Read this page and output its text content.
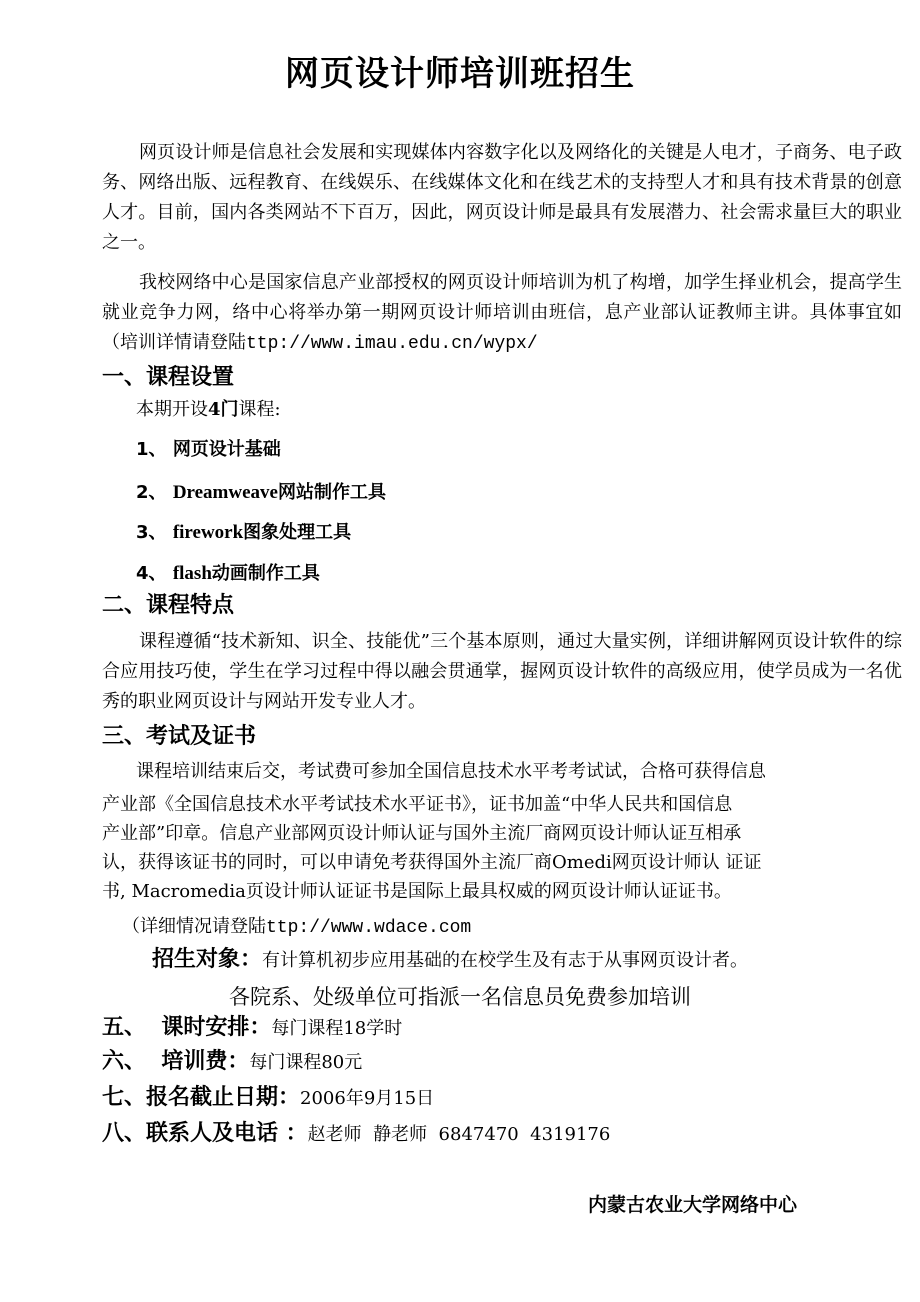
网页设计师培训班招生
网页设计师是信息社会发展和实现媒体内容数字化以及网络化的关键是人电才，子商务、电子政务、网络出版、远程教育、在线娱乐、在线媒体文化和在线艺术的支持型人才和具有技术背景的创意人才。目前，国内各类网站不下百万，因此，网页设计师是最具有发展潜力、社会需求量巨大的职业之一。
我校网络中心是国家信息产业部授权的网页设计师培训为机了构增，加学生择业机会，提高学生就业竞争力网，络中心将举办第一期网页设计师培训由班信，息产业部认证教师主讲。具体事宜如（培训详情请登陆ttp://www.imau.edu.cn/wypx/
一、课程设置
本期开设4门课程:
1、 网页设计基础
2、 Dreamweave网站制作工具
3、 firework图象处理工具
4、 flash动画制作工具
二、课程特点
课程遵循“技术新知、识全、技能优”三个基本原则，通过大量实例，详细讲解网页设计软件的综合应用技巧使，学生在学习过程中得以融会贯通掌，握网页设计软件的高级应用，使学员成为一名优秀的职业网页设计与网站开发专业人才。
三、考试及证书
课程培训结束后交，考试费可参加全国信息技术水平考考试试，合格可获得信息
产业部《全国信息技术水平考试技术水平证书》，证书加盖“中华人民共和国信息
产业部”印章。信息产业部网页设计师认证与国外主流厂商网页设计师认证互相承
认，获得该证书的同时，可以申请免考获得国外主流厂商Omedi网页设计师认 证证
书, Macromedia页设计师认证证书是国际上最具权威的网页设计师认证证书。
（详细情况请登陆ttp://www.wdace.com
招生对象：有计算机初步应用基础的在校学生及有志于从事网页设计者。
各院系、处级单位可指派一名信息员免费参加培训
五、  课时安排：每门课程18学时
六、  培训费：每门课程80元
七、报名截止日期：2006年9月15日
八、联系人及电话 ：赵老师  静老师  6847470  4319176
内蒙古农业大学网络中心
